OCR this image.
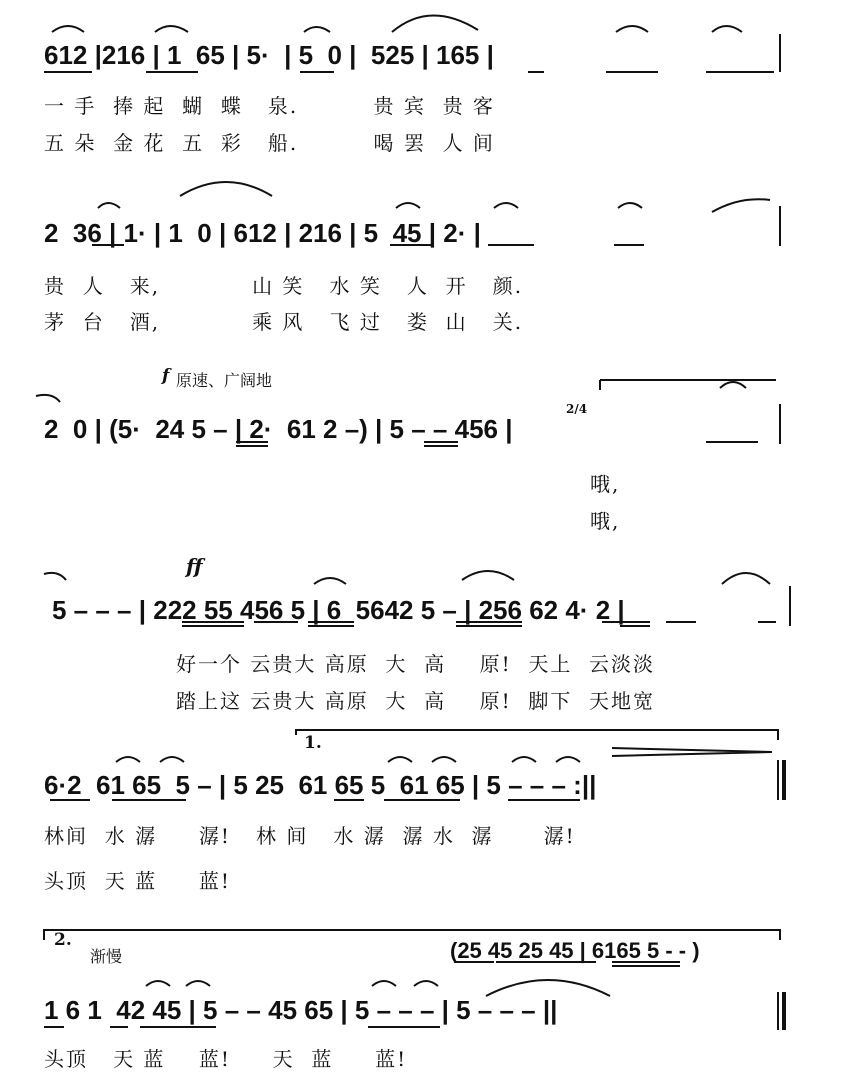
612 |216 | 1  65 | 5·  | 5  0 |  525 | 165 |
一 手  捧 起  蝴  蝶   泉.         贵 宾  贵 客
五 朵  金 花  五  彩   船.         喝 罢  人 间
2  36 | 1· | 1  0 | 612 | 216 | 5  45 | 2· |
贵  人   来,           山 笑   水 笑   人  开   颜.
茅  台   酒,           乘 风   飞 过   娄  山   关.
f 原速、广阔地
2  0 | (5·  24 5 – | 2·  61 2 –) | 5 – – 456 |
2/4
哦,
哦,
ff
5 – – – | 222 55 456 5 | 6  5642 5 – | 256 62 4· 2 |
好一个 云贵大 高原  大  高    原!  天上  云淡淡
踏上这 云贵大 高原  大  高    原!  脚下  天地宽
1.
6·2  61 65  5 – | 5 25  61 65 5  61 65 | 5 – – – :||
林间  水 潺     潺!   林 间   水 潺  潺 水  潺      潺!
头顶  天 蓝     蓝!
2.
渐慢	(25 45 25 45 | 6165 5 - - )
1 6 1  42 45 | 5 – – 45 65 | 5 – – – | 5 – – – ||
头顶   天 蓝    蓝!     天  蓝     蓝!
